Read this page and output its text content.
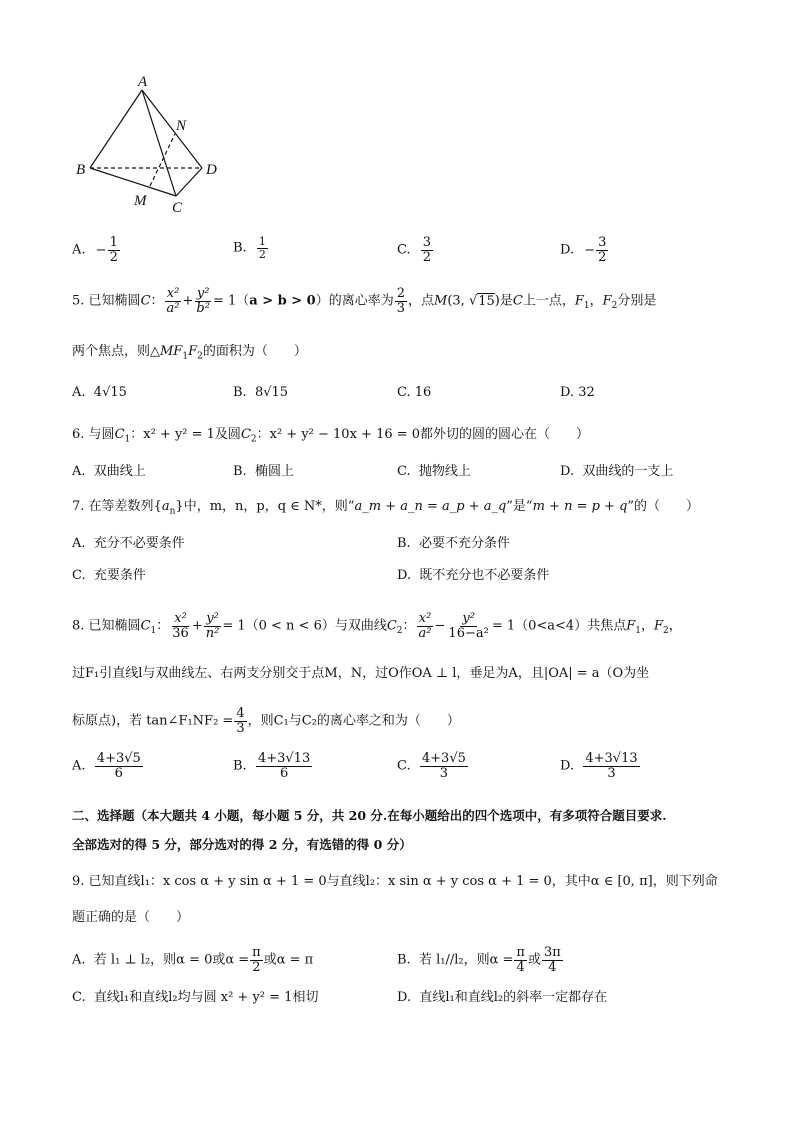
A
N
B	D
M C
A. − $\frac{1}{2}$	B. $\frac{1}{2}$	C. $\frac{3}{2}$	D. − $\frac{3}{2}$
5. 已知椭圆C： $\frac{\text{x²}}{\text{a²}} + \frac{\text{y²}}{\text{b²}} = 1(a > b > 0)$的离心率为 $\frac{2}{3}$ ，点M(3, √15)是C上一点，$F_1$，$F_2$分别是
两个焦点，则$\triangle MF_1F_2$的面积为（　　）
A. 4√15	B. 8√15	C. 16	D. 32
6. 与圆$C_1$：x² + y² = 1及圆$C_2$：x² + y² − 10x + 16 = 0都外切的圆的圆心在（　　）
A. 双曲线上	B. 椭圆上	C. 抛物线上	D. 双曲线的一支上
7. 在等差数列$\{a_n\}$中，m，n，p，q ∈ N*，则“a_m + a_n = a_p + a_q”是“m + n = p + q”的（　　）
A. 充分不必要条件	B. 必要不充分条件
C. 充要条件	D. 既不充分也不必要条件
8. 已知椭圆$C_1$： $\frac{\text{x²}}{36} + \frac{\text{y²}}{\text{n²}} = 1(0 < n < 6)$与双曲线$C_2$： $\frac{\text{x²}}{\text{a²}} - \frac{\text{y²}}{\text{16−a²}} = 1(0<a<4)$共焦点$F_1$，$F_2$，
过F₁引直线l与双曲线左、右两支分别交于点M，N，过O作OA ⊥ l，垂足为A，且|OA| = a（O为坐
标原点)，若 tan∠F₁NF₂ = $\frac{4}{3}$ ，则C₁与C₂的离心率之和为（　　）
A. $\frac{4+3√5}{6}$	B. $\frac{4+3√13}{6}$	C. $\frac{4+3√5}{3}$	D. $\frac{4+3√13}{3}$
二、选择题（本大题共 4 小题，每小题 5 分，共 20 分.在每小题给出的四个选项中，有多项符合题目要求.
全部选对的得 5 分，部分选对的得 2 分，有选错的得 0 分）
9. 已知直线l₁：x cos α + y sin α + 1 = 0与直线l₂：x sin α + y cos α + 1 = 0，其中α ∈ [0, π]，则下列命
题正确的是（　　）
A. 若 l₁ ⊥ l₂，则α = 0或$\alpha = \frac{\pi}{2}$ 或α = π	B. 若 l₁//l₂，则$\alpha = \frac{\pi}{4}$ 或 $\frac{3\pi}{4}$
C. 直线l₁和直线l₂均与圆 x² + y² = 1相切	D. 直线l₁和直线l₂的斜率一定都存在
